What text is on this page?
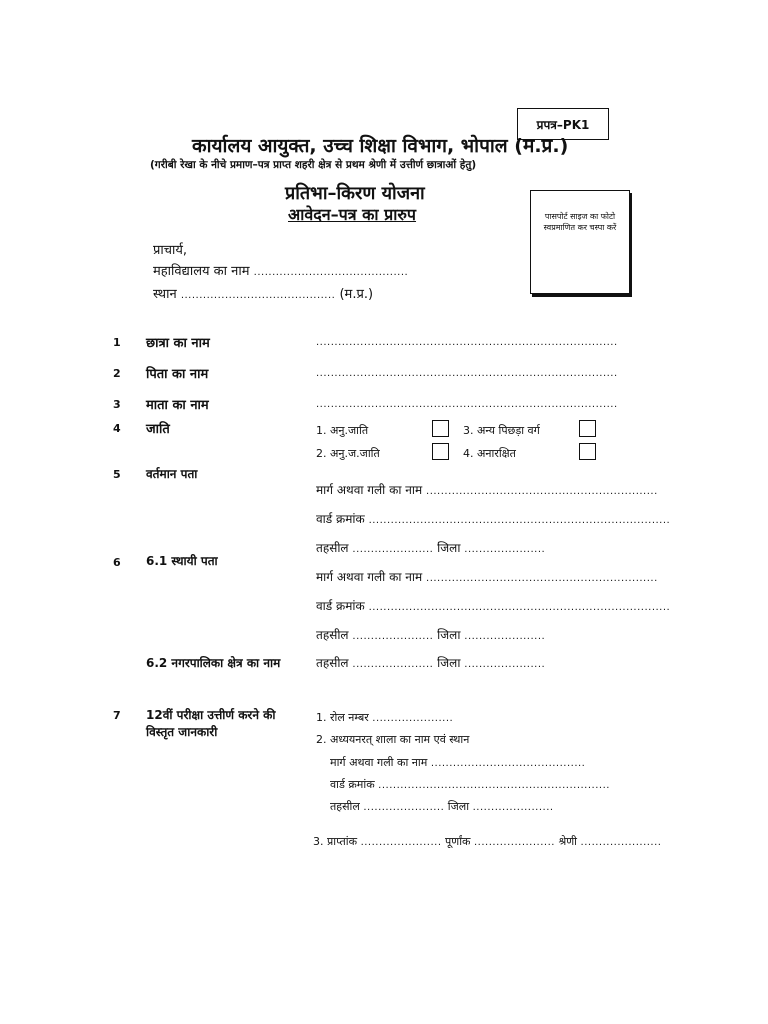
प्रपत्र–PK1
कार्यालय आयुक्त, उच्च शिक्षा विभाग, भोपाल (म.प्र.)
(गरीबी रेखा के नीचे प्रमाण–पत्र प्राप्त शहरी क्षेत्र से प्रथम श्रेणी में उत्तीर्ण छात्राओं हेतु)
प्रतिभा–किरण योजना
आवेदन–पत्र का प्रारुप	पासपोर्ट साइज का फोटो स्वप्रमाणित कर चस्पा करें
प्राचार्य,
महाविद्यालय का नाम ..........................................
स्थान .......................................... (म.प्र.)
1 छात्रा का नाम	..................................................................................
2 पिता का नाम	..................................................................................
3 माता का नाम	..................................................................................
4 जाति	1. अनु.जाति	3. अन्य पिछड़ा वर्ग
2. अनु.ज.जाति	4. अनारक्षित
5 वर्तमान पता
मार्ग अथवा गली का नाम ...............................................................
वार्ड क्रमांक ..................................................................................
तहसील ...................... जिला ......................
6 6.1 स्थायी पता
मार्ग अथवा गली का नाम ...............................................................
वार्ड क्रमांक ..................................................................................
तहसील ...................... जिला ......................
6.2 नगरपालिका क्षेत्र का नाम	तहसील ...................... जिला ......................
7 12वीं परीक्षा उत्तीर्ण करने की
विस्तृत जानकारी
1. रोल नम्बर ......................
2. अध्ययनरत् शाला का नाम एवं स्थान
मार्ग अथवा गली का नाम ..........................................
वार्ड क्रमांक ...............................................................
तहसील ...................... जिला ......................
3. प्राप्तांक ...................... पूर्णांक ...................... श्रेणी ......................
